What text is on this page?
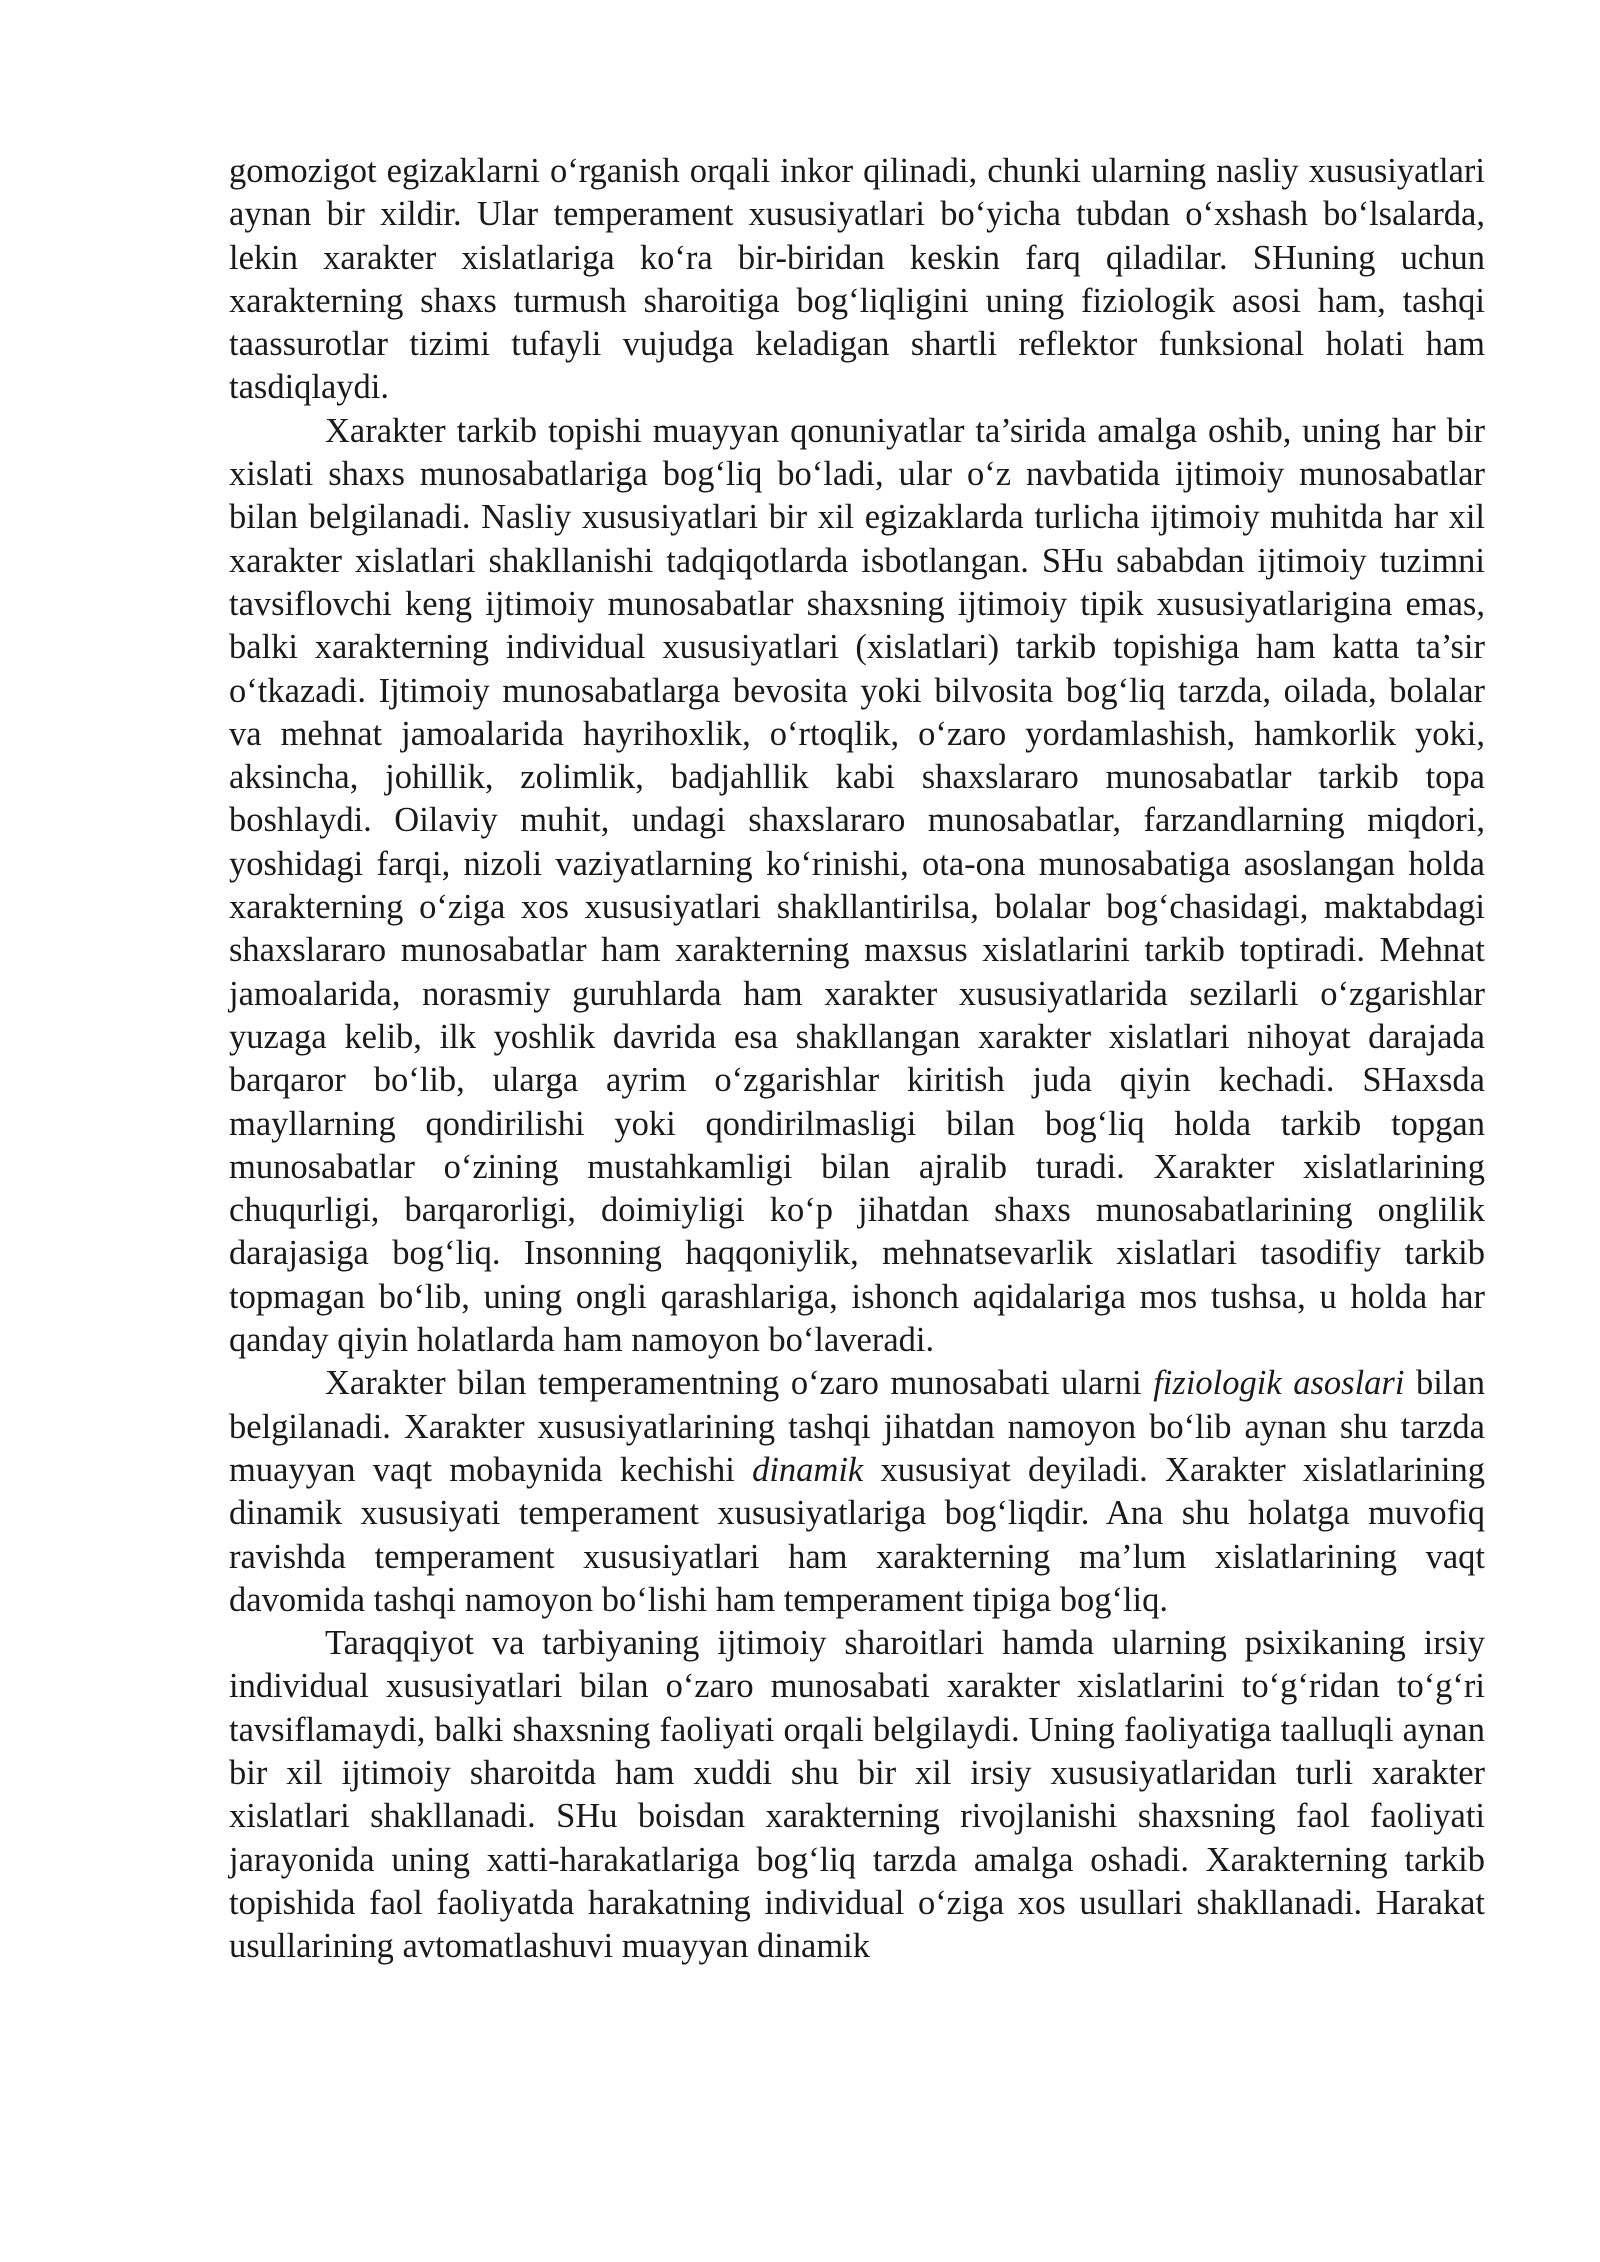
gomozigot egizaklarni o‘rganish orqali inkor qilinadi, chunki ularning nasliy xususiyatlari aynan bir xildir. Ular temperament xususiyatlari bo‘yicha tubdan o‘xshash bo‘lsalarda, lekin xarakter xislatlariga ko‘ra bir-biridan keskin farq qiladilar. SHuning uchun xarakterning shaxs turmush sharoitiga bog‘liqligini uning fiziologik asosi ham, tashqi taassurotlar tizimi tufayli vujudga keladigan shartli reflektor funksional holati ham tasdiqlaydi.

Xarakter tarkib topishi muayyan qonuniyatlar ta’sirida amalga oshib, uning har bir xislati shaxs munosabatlariga bog‘liq bo‘ladi, ular o‘z navbatida ijtimoiy munosabatlar bilan belgilanadi. Nasliy xususiyatlari bir xil egizaklarda turlicha ijtimoiy muhitda har xil xarakter xislatlari shakllanishi tadqiqotlarda isbotlangan. SHu sababdan ijtimoiy tuzimni tavsiflovchi keng ijtimoiy munosabatlar shaxsning ijtimoiy tipik xususiyatlarigina emas, balki xarakterning individual xususiyatlari (xislatlari) tarkib topishiga ham katta ta’sir o‘tkazadi. Ijtimoiy munosabatlarga bevosita yoki bilvosita bog‘liq tarzda, oilada, bolalar va mehnat jamoalarida hayrihoxlik, o‘rtoqlik, o‘zaro yordamlashish, hamkorlik yoki, aksincha, johillik, zolimlik, badjahllik kabi shaxslararo munosabatlar tarkib topa boshlaydi. Oilaviy muhit, undagi shaxslararo munosabatlar, farzandlarning miqdori, yoshidagi farqi, nizoli vaziyatlarning ko‘rinishi, ota-ona munosabatiga asoslangan holda xarakterning o‘ziga xos xususiyatlari shakllantirilsa, bolalar bog‘chasidagi, maktabdagi shaxslararo munosabatlar ham xarakterning maxsus xislatlarini tarkib toptiradi. Mehnat jamoalarida, norasmiy guruhlarda ham xarakter xususiyatlarida sezilarli o‘zgarishlar yuzaga kelib, ilk yoshlik davrida esa shakllangan xarakter xislatlari nihoyat darajada barqaror bo‘lib, ularga ayrim o‘zgarishlar kiritish juda qiyin kechadi. SHaxsda mayllarning qondirilishi yoki qondirilmasligi bilan bog‘liq holda tarkib topgan munosabatlar o‘zining mustahkamligi bilan ajralib turadi. Xarakter xislatlarining chuqurligi, barqarorligi, doimiyligi ko‘p jihatdan shaxs munosabatlarining onglilik darajasiga bog‘liq. Insonning haqqoniylik, mehnatsevarlik xislatlari tasodifiy tarkib topmagan bo‘lib, uning ongli qarashlariga, ishonch aqidalariga mos tushsa, u holda har qanday qiyin holatlarda ham namoyon bo‘laveradi.

Xarakter bilan temperamentning o‘zaro munosabati ularni fiziologik asoslari bilan belgilanadi. Xarakter xususiyatlarining tashqi jihatdan namoyon bo‘lib aynan shu tarzda muayyan vaqt mobaynida kechishi dinamik xususiyat deyiladi. Xarakter xislatlarining dinamik xususiyati temperament xususiyatlariga bog‘liqdir. Ana shu holatga muvofiq ravishda temperament xususiyatlari ham xarakterning ma’lum xislatlarining vaqt davomida tashqi namoyon bo‘lishi ham temperament tipiga bog‘liq.

Taraqqiyot va tarbiyaning ijtimoiy sharoitlari hamda ularning psixikaning irsiy individual xususiyatlari bilan o‘zaro munosabati xarakter xislatlarini to‘g‘ridan to‘g‘ri tavsiflamaydi, balki shaxsning faoliyati orqali belgilaydi. Uning faoliyatiga taalluqli aynan bir xil ijtimoiy sharoitda ham xuddi shu bir xil irsiy xususiyatlaridan turli xarakter xislatlari shakllanadi. SHu boisdan xarakterning rivojlanishi shaxsning faol faoliyati jarayonida uning xatti-harakatlariga bog‘liq tarzda amalga oshadi. Xarakterning tarkib topishida faol faoliyatda harakatning individual o‘ziga xos usullari shakllanadi. Harakat usullarining avtomatlashuvi muayyan dinamik
